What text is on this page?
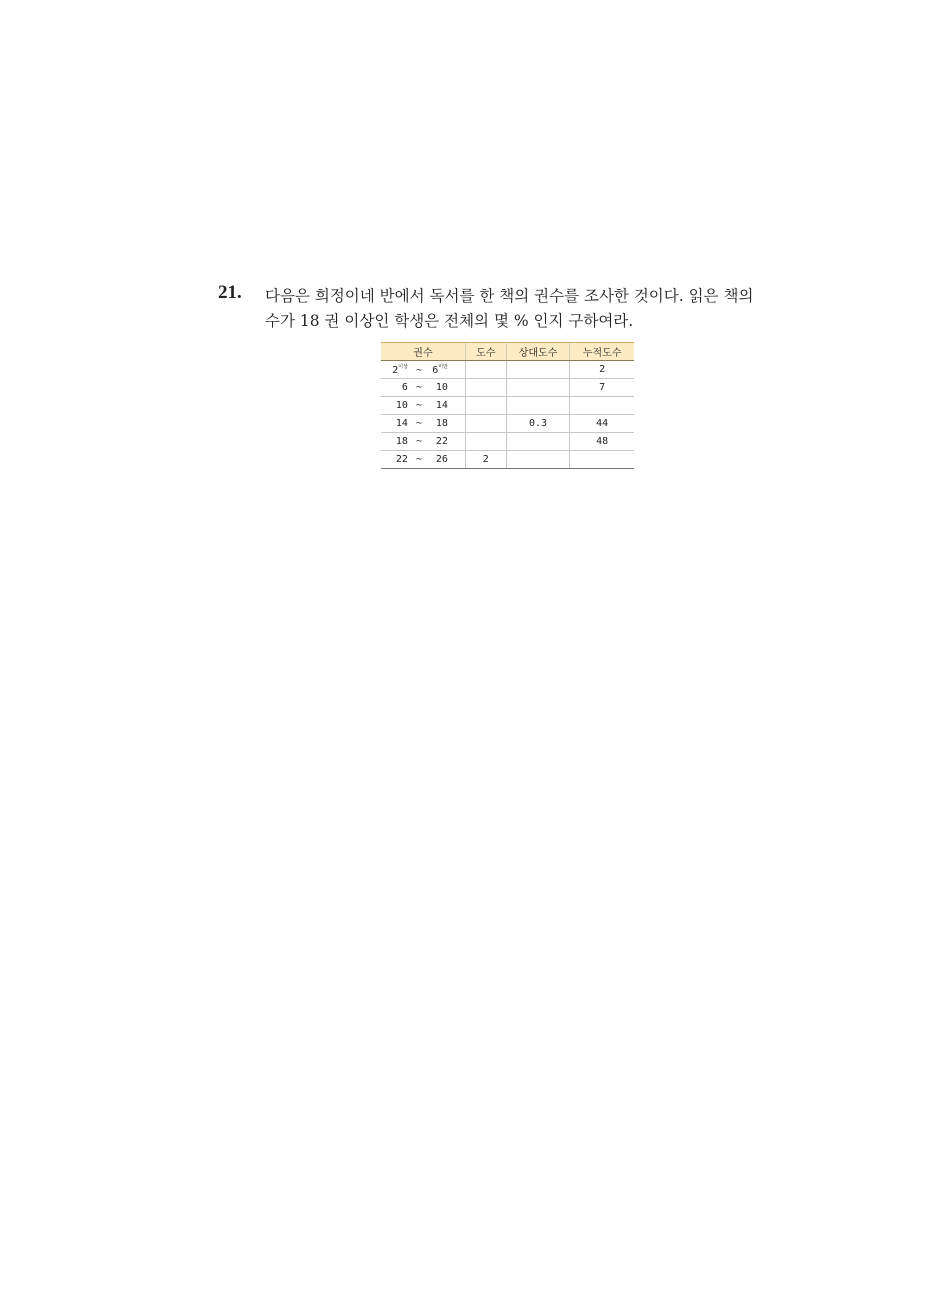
21. 다음은 희정이네 반에서 독서를 한 책의 권수를 조사한 것이다. 읽은 책의
수가 18 권 이상인 학생은 전체의 몇 % 인지 구하여라.
권수	도수	상대도수	누적도수
$2^{이상}$ ~ $6^{미만}$			2
6 ~ 10			7
10 ~ 14			
14 ~ 18		0.3	44
18 ~ 22			48
22 ~ 26	2		
